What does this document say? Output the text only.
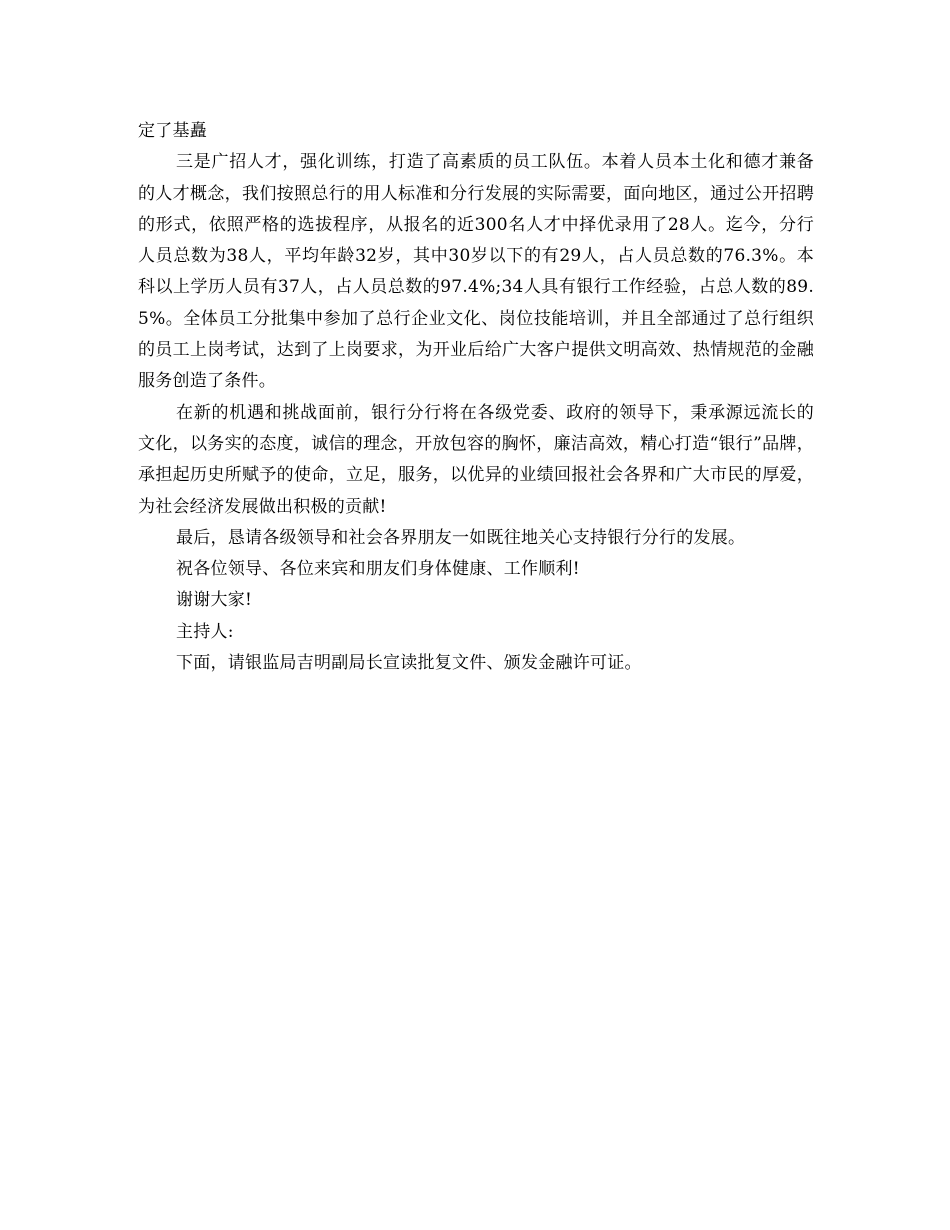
定了基矗

三是广招人才，强化训练，打造了高素质的员工队伍。本着人员本土化和德才兼备的人才概念，我们按照总行的用人标准和分行发展的实际需要，面向地区，通过公开招聘的形式，依照严格的选拔程序，从报名的近300名人才中择优录用了28人。迄今，分行人员总数为38人，平均年龄32岁，其中30岁以下的有29人，占人员总数的76.3%。本科以上学历人员有37人，占人员总数的97.4%;34人具有银行工作经验，占总人数的89.5%。全体员工分批集中参加了总行企业文化、岗位技能培训，并且全部通过了总行组织的员工上岗考试，达到了上岗要求，为开业后给广大客户提供文明高效、热情规范的金融服务创造了条件。

在新的机遇和挑战面前，银行分行将在各级党委、政府的领导下，秉承源远流长的文化，以务实的态度，诚信的理念，开放包容的胸怀，廉洁高效，精心打造“银行”品牌，承担起历史所赋予的使命，立足，服务，以优异的业绩回报社会各界和广大市民的厚爱，为社会经济发展做出积极的贡献!

最后，恳请各级领导和社会各界朋友一如既往地关心支持银行分行的发展。

祝各位领导、各位来宾和朋友们身体健康、工作顺利!

谢谢大家!

主持人:

下面，请银监局吉明副局长宣读批复文件、颁发金融许可证。
